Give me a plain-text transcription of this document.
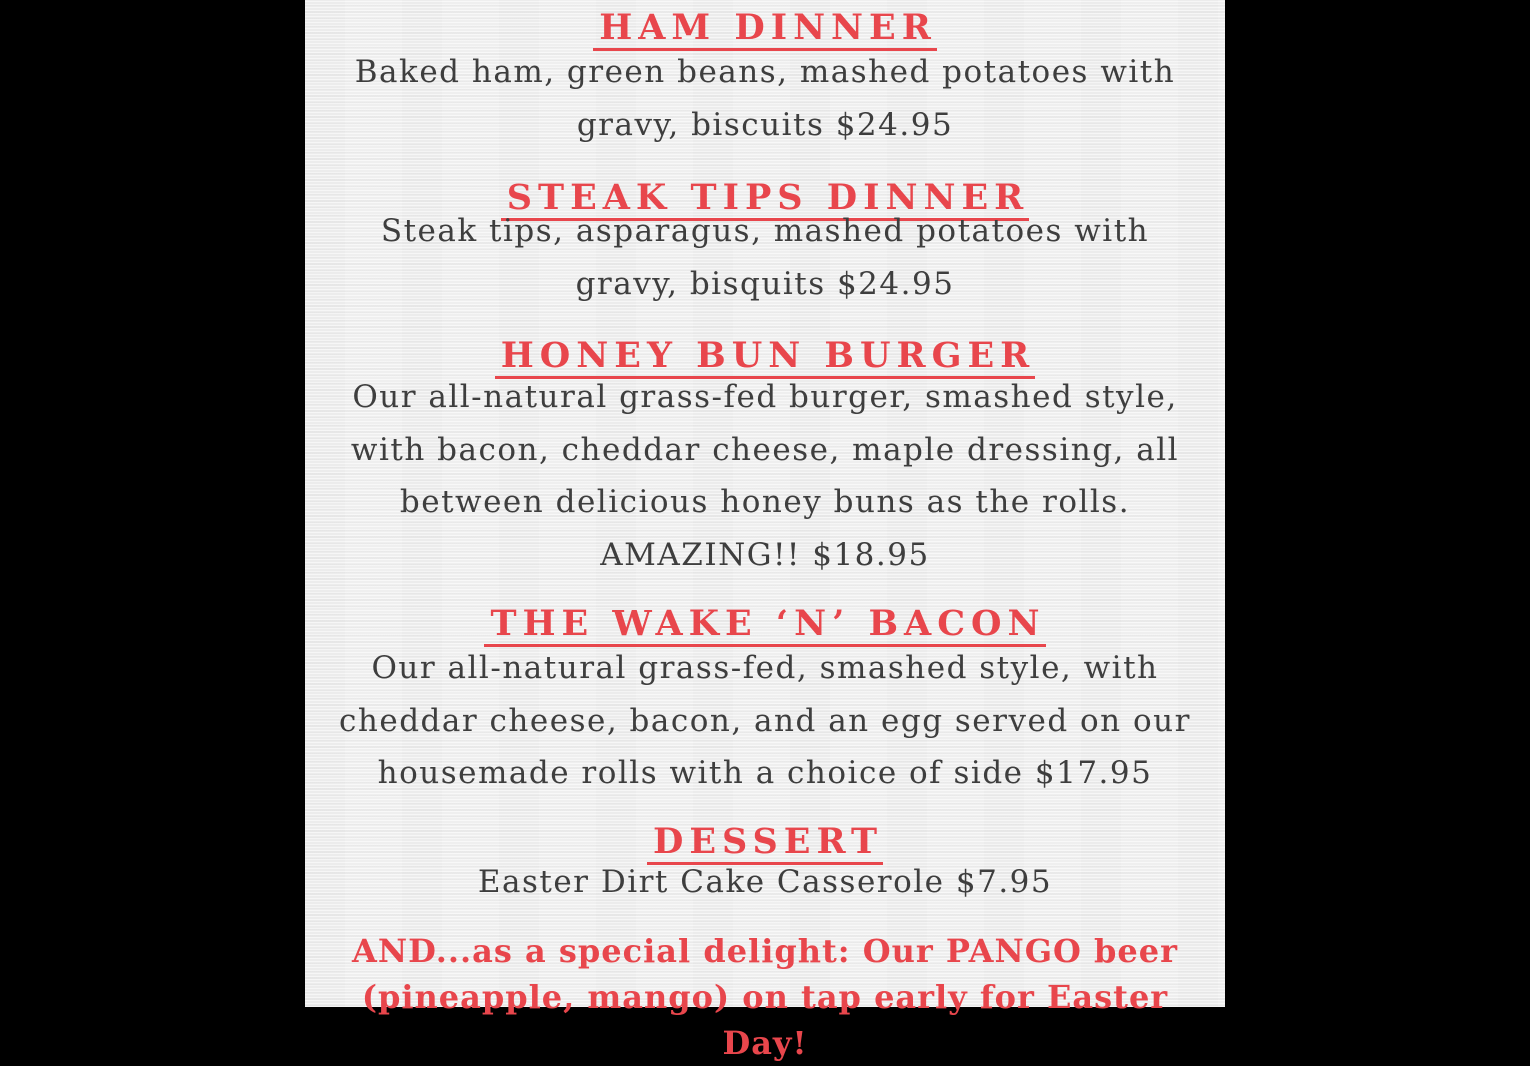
HAM DINNER

Baked ham, green beans, mashed potatoes with gravy, biscuits $24.95

STEAK TIPS DINNER

Steak tips, asparagus, mashed potatoes with gravy, bisquits $24.95

HONEY BUN BURGER

Our all-natural grass-fed burger, smashed style, with bacon, cheddar cheese, maple dressing, all between delicious honey buns as the rolls. AMAZING!! $18.95

THE WAKE ‘N’ BACON

Our all-natural grass-fed, smashed style, with cheddar cheese, bacon, and an egg served on our housemade rolls with a choice of side $17.95

DESSERT

Easter Dirt Cake Casserole $7.95

AND...as a special delight: Our PANGO beer (pineapple, mango) on tap early for Easter Day!
